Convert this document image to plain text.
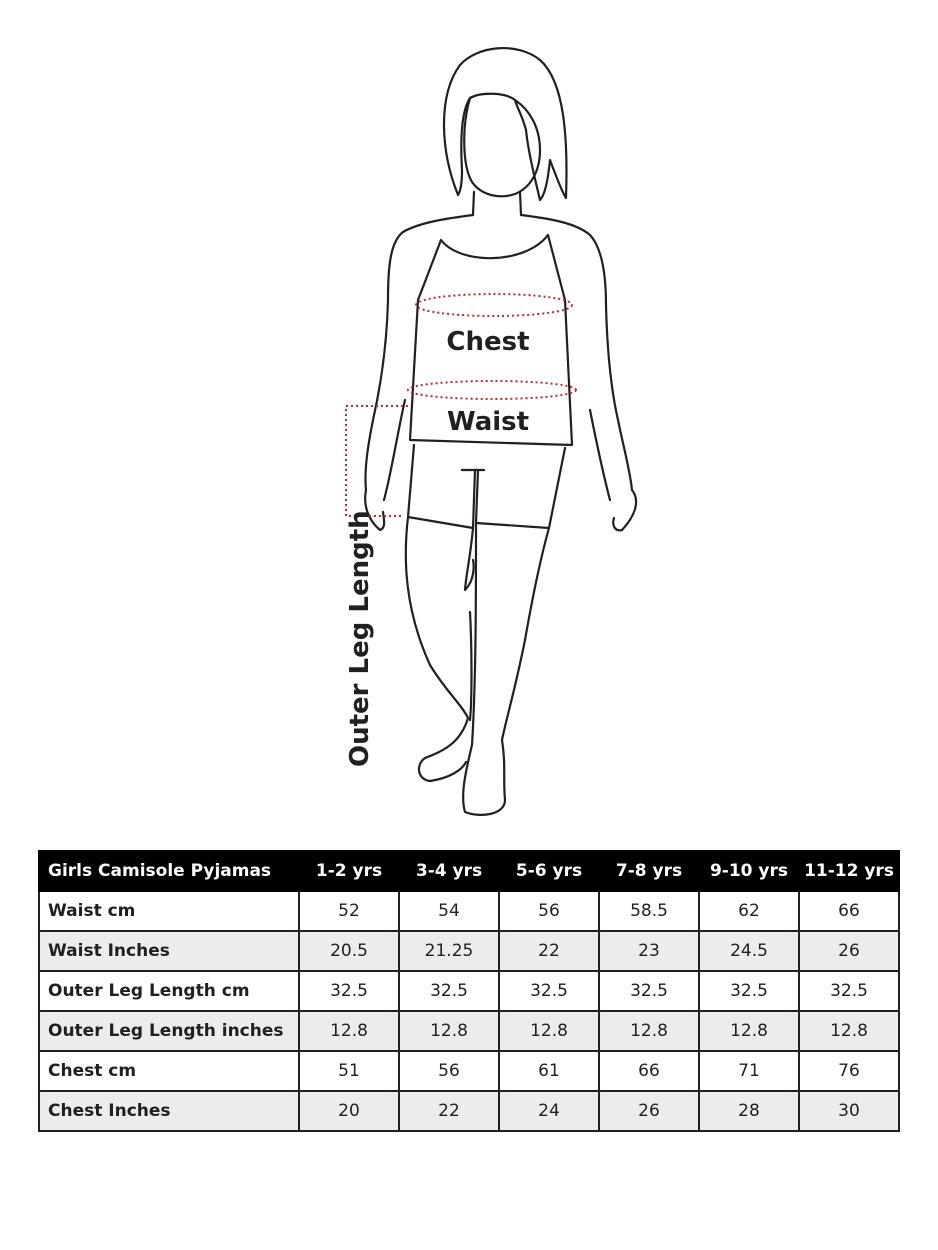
Chest
Waist
Outer Leg Length
Girls Camisole Pyjamas	1-2 yrs	3-4 yrs	5-6 yrs	7-8 yrs	9-10 yrs	11-12 yrs
Waist cm	52	54	56	58.5	62	66
Waist Inches	20.5	21.25	22	23	24.5	26
Outer Leg Length cm	32.5	32.5	32.5	32.5	32.5	32.5
Outer Leg Length inches	12.8	12.8	12.8	12.8	12.8	12.8
Chest cm	51	56	61	66	71	76
Chest Inches	20	22	24	26	28	30
